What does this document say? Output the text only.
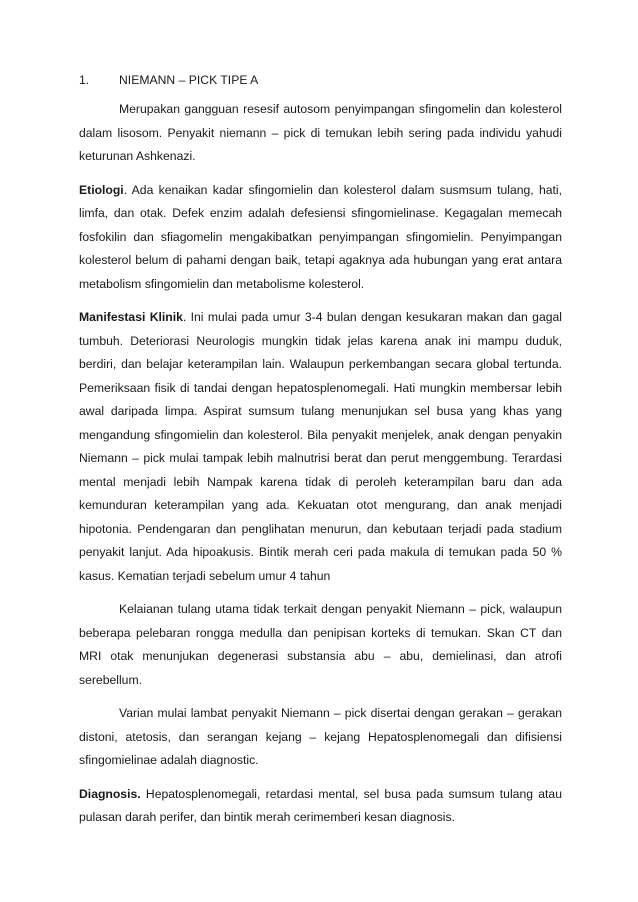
1.	NIEMANN – PICK TIPE A

Merupakan gangguan resesif autosom penyimpangan sfingomelin dan kolesterol dalam lisosom. Penyakit niemann – pick di temukan lebih sering pada individu yahudi keturunan Ashkenazi.

Etiologi. Ada kenaikan kadar sfingomielin dan kolesterol dalam susmsum tulang, hati, limfa, dan otak. Defek enzim adalah defesiensi sfingomielinase. Kegagalan memecah fosfokilin dan sfiagomelin mengakibatkan penyimpangan sfingomielin. Penyimpangan kolesterol belum di pahami dengan baik, tetapi agaknya ada hubungan yang erat antara metabolism sfingomielin dan metabolisme kolesterol.

Manifestasi Klinik. Ini mulai pada umur 3-4 bulan dengan kesukaran makan dan gagal tumbuh. Deteriorasi Neurologis mungkin tidak jelas karena anak ini mampu duduk, berdiri, dan belajar keterampilan lain. Walaupun perkembangan secara global tertunda. Pemeriksaan fisik di tandai dengan hepatosplenomegali. Hati mungkin membersar lebih awal daripada limpa. Aspirat sumsum tulang menunjukan sel busa yang khas yang mengandung sfingomielin dan kolesterol. Bila penyakit menjelek, anak dengan penyakin Niemann – pick mulai tampak lebih malnutrisi berat dan perut menggembung. Terardasi mental menjadi lebih Nampak karena tidak di peroleh keterampilan baru dan ada kemunduran keterampilan yang ada. Kekuatan otot mengurang, dan anak menjadi hipotonia. Pendengaran dan penglihatan menurun, dan kebutaan terjadi pada stadium penyakit lanjut. Ada hipoakusis. Bintik merah ceri pada makula di temukan pada 50 % kasus. Kematian terjadi sebelum umur 4 tahun

Kelaianan tulang utama tidak terkait dengan penyakit Niemann – pick, walaupun beberapa pelebaran rongga medulla dan penipisan korteks di temukan. Skan CT dan MRI otak menunjukan degenerasi substansia abu – abu, demielinasi, dan atrofi serebellum.

Varian mulai lambat penyakit Niemann – pick disertai dengan gerakan – gerakan distoni, atetosis, dan serangan kejang – kejang Hepatosplenomegali dan difisiensi sfingomielinae adalah diagnostic.

Diagnosis. Hepatosplenomegali, retardasi mental, sel busa pada sumsum tulang atau pulasan darah perifer, dan bintik merah cerimemberi kesan diagnosis.
